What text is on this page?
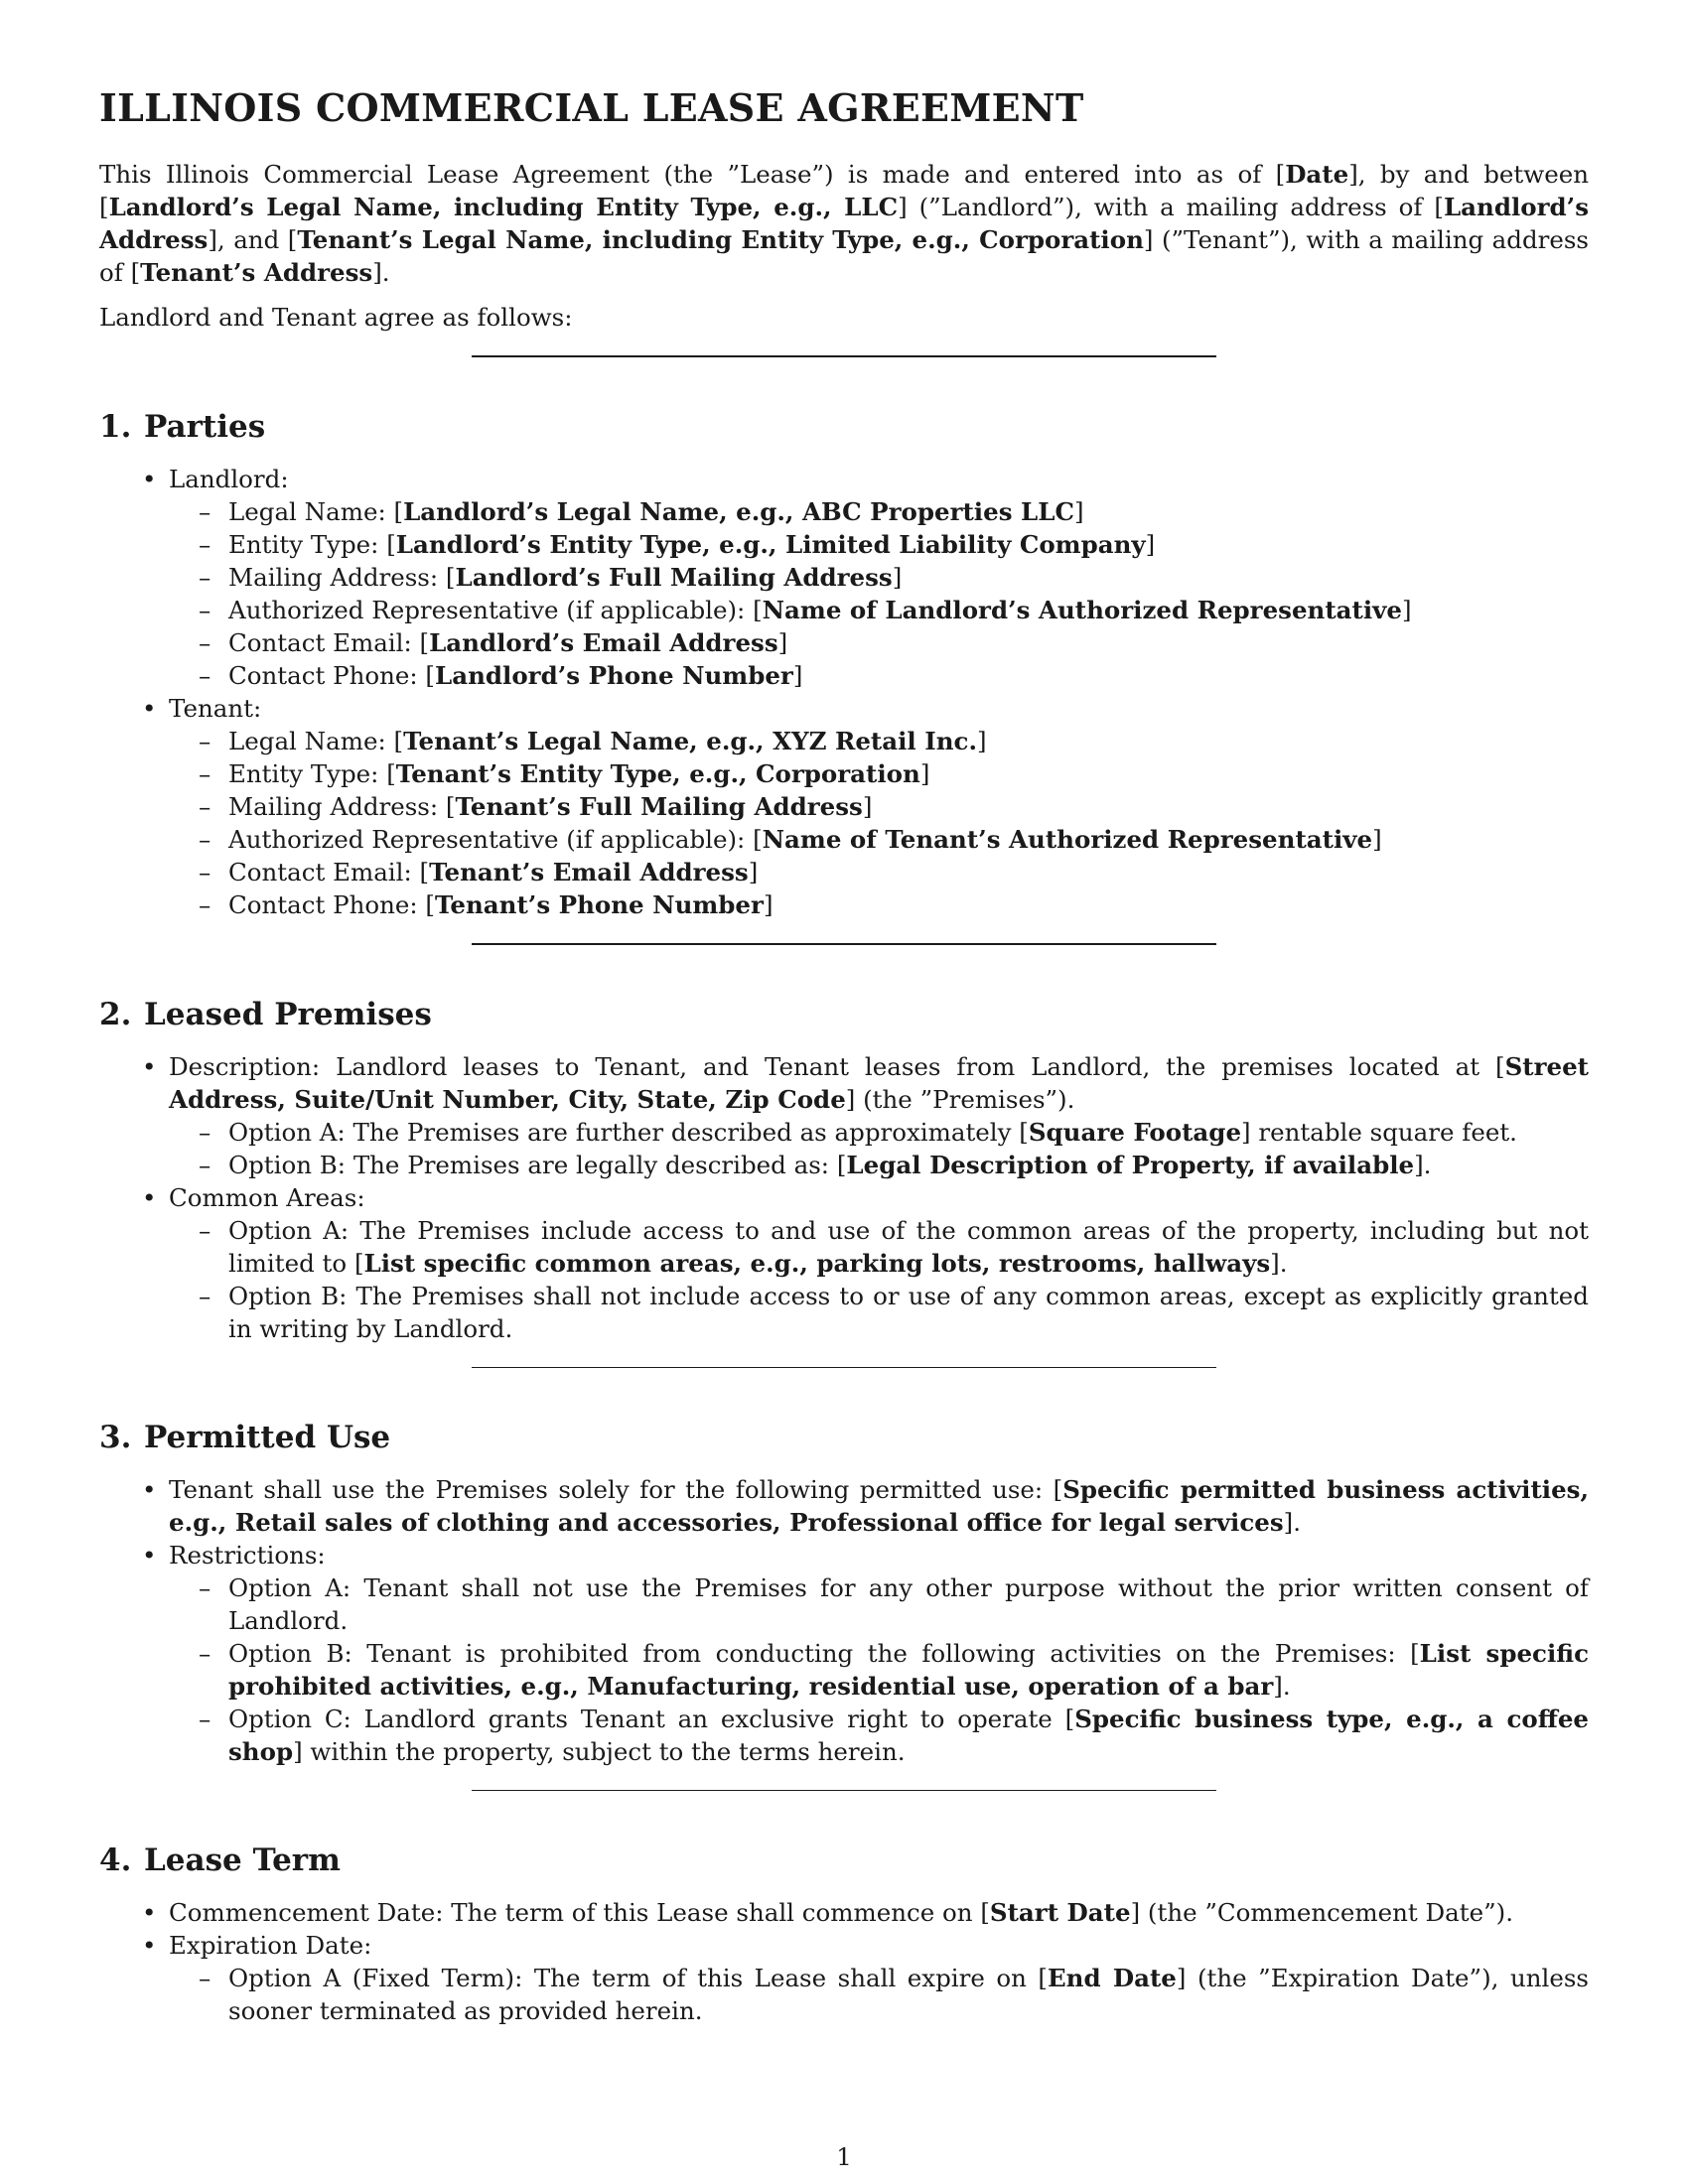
ILLINOIS COMMERCIAL LEASE AGREEMENT

This Illinois Commercial Lease Agreement (the ”Lease”) is made and entered into as of [Date], by and between [Landlord’s Legal Name, including Entity Type, e.g., LLC] (”Landlord”), with a mailing address of [Landlord’s Address], and [Tenant’s Legal Name, including Entity Type, e.g., Corporation] (”Tenant”), with a mailing address of [Tenant’s Address].

Landlord and Tenant agree as follows:

1. Parties
• Landlord:
– Legal Name: [Landlord’s Legal Name, e.g., ABC Properties LLC]
– Entity Type: [Landlord’s Entity Type, e.g., Limited Liability Company]
– Mailing Address: [Landlord’s Full Mailing Address]
– Authorized Representative (if applicable): [Name of Landlord’s Authorized Representative]
– Contact Email: [Landlord’s Email Address]
– Contact Phone: [Landlord’s Phone Number]
• Tenant:
– Legal Name: [Tenant’s Legal Name, e.g., XYZ Retail Inc.]
– Entity Type: [Tenant’s Entity Type, e.g., Corporation]
– Mailing Address: [Tenant’s Full Mailing Address]
– Authorized Representative (if applicable): [Name of Tenant’s Authorized Representative]
– Contact Email: [Tenant’s Email Address]
– Contact Phone: [Tenant’s Phone Number]
2. Leased Premises
• Description: Landlord leases to Tenant, and Tenant leases from Landlord, the premises located at [Street Address, Suite/Unit Number, City, State, Zip Code] (the ”Premises”).
– Option A: The Premises are further described as approximately [Square Footage] rentable square feet.
– Option B: The Premises are legally described as: [Legal Description of Property, if available].
• Common Areas:
– Option A: The Premises include access to and use of the common areas of the property, including but not limited to [List specific common areas, e.g., parking lots, restrooms, hallways].
– Option B: The Premises shall not include access to or use of any common areas, except as explicitly granted in writing by Landlord.
3. Permitted Use
• Tenant shall use the Premises solely for the following permitted use: [Specific permitted business activities, e.g., Retail sales of clothing and accessories, Professional office for legal services].
• Restrictions:
– Option A: Tenant shall not use the Premises for any other purpose without the prior written consent of Landlord.
– Option B: Tenant is prohibited from conducting the following activities on the Premises: [List specific prohibited activities, e.g., Manufacturing, residential use, operation of a bar].
– Option C: Landlord grants Tenant an exclusive right to operate [Specific business type, e.g., a coffee shop] within the property, subject to the terms herein.
4. Lease Term
• Commencement Date: The term of this Lease shall commence on [Start Date] (the ”Commencement Date”).
• Expiration Date:
– Option A (Fixed Term): The term of this Lease shall expire on [End Date] (the ”Expiration Date”), unless sooner terminated as provided herein.
1
